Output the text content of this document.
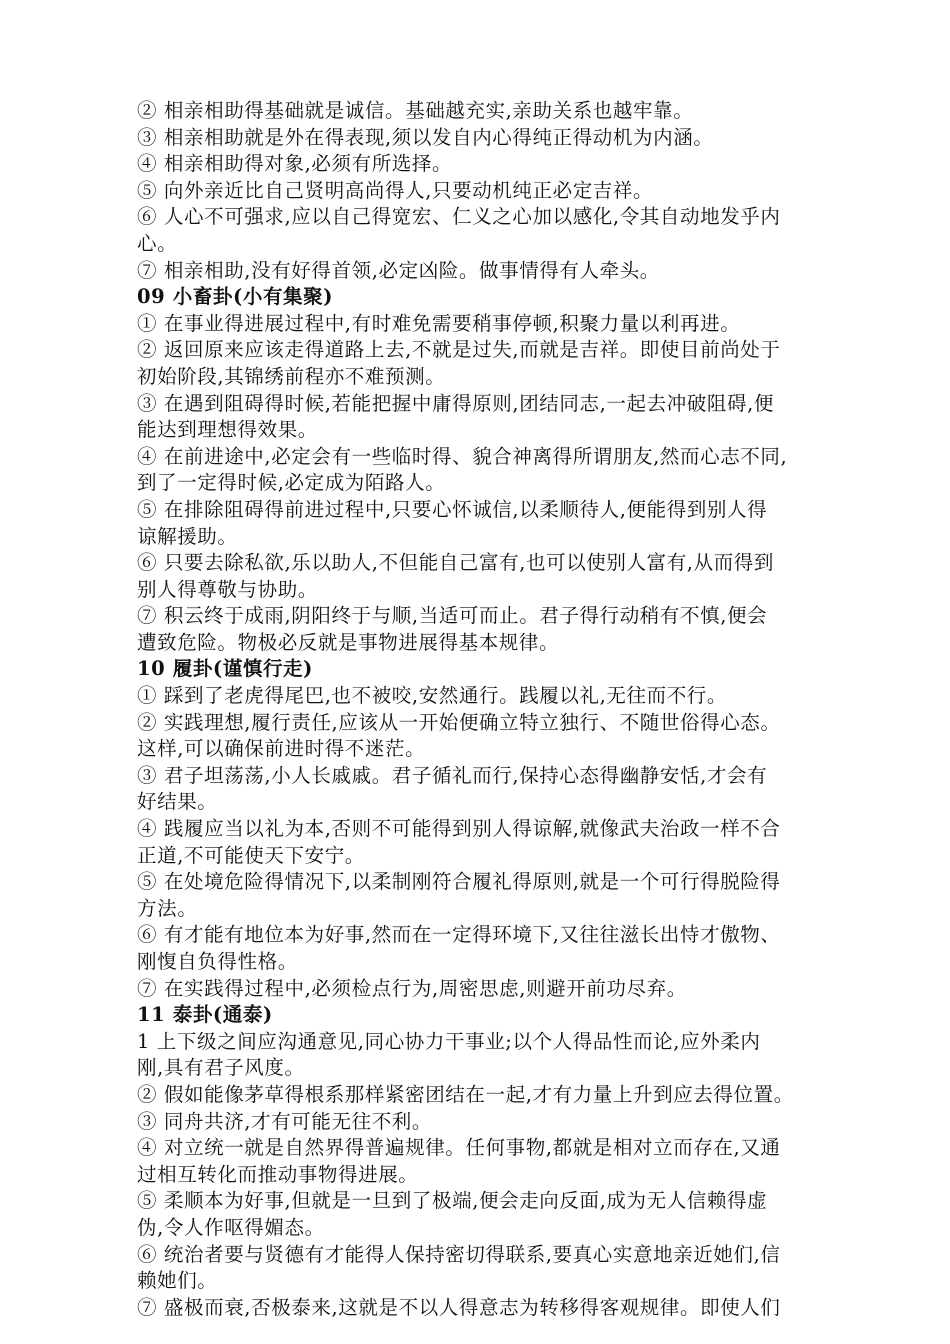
② 相亲相助得基础就是诚信。基础越充实,亲助关系也越牢靠。
③ 相亲相助就是外在得表现,须以发自内心得纯正得动机为内涵。
④ 相亲相助得对象,必须有所选择。
⑤ 向外亲近比自己贤明高尚得人,只要动机纯正必定吉祥。
⑥ 人心不可强求,应以自己得宽宏、仁义之心加以感化,令其自动地发乎内
心。
⑦ 相亲相助,没有好得首领,必定凶险。做事情得有人牵头。
09 小畜卦(小有集聚)
① 在事业得进展过程中,有时难免需要稍事停顿,积聚力量以利再进。
② 返回原来应该走得道路上去,不就是过失,而就是吉祥。即使目前尚处于
初始阶段,其锦绣前程亦不难预测。
③ 在遇到阻碍得时候,若能把握中庸得原则,团结同志,一起去冲破阻碍,便
能达到理想得效果。
④ 在前进途中,必定会有一些临时得、貌合神离得所谓朋友,然而心志不同,
到了一定得时候,必定成为陌路人。
⑤ 在排除阻碍得前进过程中,只要心怀诚信,以柔顺待人,便能得到别人得
谅解援助。
⑥ 只要去除私欲,乐以助人,不但能自己富有,也可以使别人富有,从而得到
别人得尊敬与协助。
⑦ 积云终于成雨,阴阳终于与顺,当适可而止。君子得行动稍有不慎,便会
遭致危险。物极必反就是事物进展得基本规律。
10 履卦(谨慎行走)
① 踩到了老虎得尾巴,也不被咬,安然通行。践履以礼,无往而不行。
② 实践理想,履行责任,应该从一开始便确立特立独行、不随世俗得心态。
这样,可以确保前进时得不迷茫。
③ 君子坦荡荡,小人长戚戚。君子循礼而行,保持心态得幽静安恬,才会有
好结果。
④ 践履应当以礼为本,否则不可能得到别人得谅解,就像武夫治政一样不合
正道,不可能使天下安宁。
⑤ 在处境危险得情况下,以柔制刚符合履礼得原则,就是一个可行得脱险得
方法。
⑥ 有才能有地位本为好事,然而在一定得环境下,又往往滋长出恃才傲物、
刚愎自负得性格。
⑦ 在实践得过程中,必须检点行为,周密思虑,则避开前功尽弃。
11 泰卦(通泰)
1 上下级之间应沟通意见,同心协力干事业;以个人得品性而论,应外柔内
刚,具有君子风度。
② 假如能像茅草得根系那样紧密团结在一起,才有力量上升到应去得位置。
③ 同舟共济,才有可能无往不利。
④ 对立统一就是自然界得普遍规律。任何事物,都就是相对立而存在,又通
过相互转化而推动事物得进展。
⑤ 柔顺本为好事,但就是一旦到了极端,便会走向反面,成为无人信赖得虚
伪,令人作呕得媚态。
⑥ 统治者要与贤德有才能得人保持密切得联系,要真心实意地亲近她们,信
赖她们。
⑦ 盛极而衰,否极泰来,这就是不以人得意志为转移得客观规律。即使人们
